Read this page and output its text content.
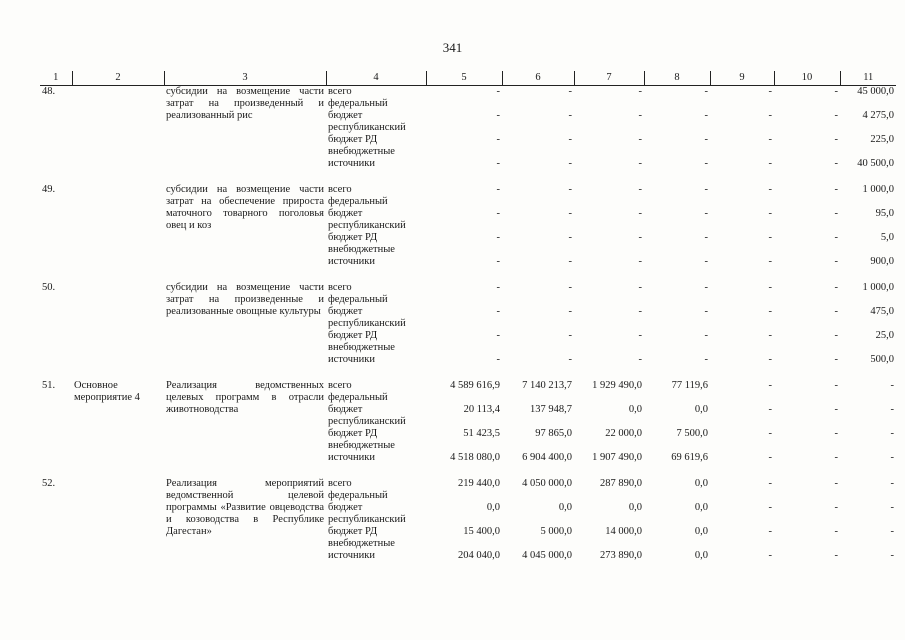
341
1	2	3	4	5	6	7	8	9	10	11
48.		субсидии на возмещение части затрат на произведенный и реализованный рис	всего	-	-	-	-	-	-	45 000,0
			федеральный бюджет	-	-	-	-	-	-	4 275,0
			республиканский бюджет РД	-	-	-	-	-	-	225,0
			внебюджетные источники	-	-	-	-	-	-	40 500,0

49.		субсидии на возмещение части затрат на обеспечение прироста маточного товарного поголовья овец и коз	всего	-	-	-	-	-	-	1 000,0
			федеральный бюджет	-	-	-	-	-	-	95,0
			республиканский бюджет РД	-	-	-	-	-	-	5,0
			внебюджетные источники	-	-	-	-	-	-	900,0

50.		субсидии на возмещение части затрат на произведенные и реализованные овощные культуры	всего	-	-	-	-	-	-	1 000,0
			федеральный бюджет	-	-	-	-	-	-	475,0
			республиканский бюджет РД	-	-	-	-	-	-	25,0
			внебюджетные источники	-	-	-	-	-	-	500,0

51.	Основное мероприятие 4	Реализация ведомственных целевых программ в отрасли животноводства	всего	4 589 616,9	7 140 213,7	1 929 490,0	77 119,6	-	-	-
			федеральный бюджет	20 113,4	137 948,7	0,0	0,0	-	-	-
			республиканский бюджет РД	51 423,5	97 865,0	22 000,0	7 500,0	-	-	-
			внебюджетные источники	4 518 080,0	6 904 400,0	1 907 490,0	69 619,6	-	-	-

52.		Реализация мероприятий ведомственной целевой программы «Развитие овцеводства и козоводства в Республике Дагестан»	всего	219 440,0	4 050 000,0	287 890,0	0,0	-	-	-
			федеральный бюджет	0,0	0,0	0,0	0,0	-	-	-
			республиканский бюджет РД	15 400,0	5 000,0	14 000,0	0,0	-	-	-
			внебюджетные источники	204 040,0	4 045 000,0	273 890,0	0,0	-	-	-
